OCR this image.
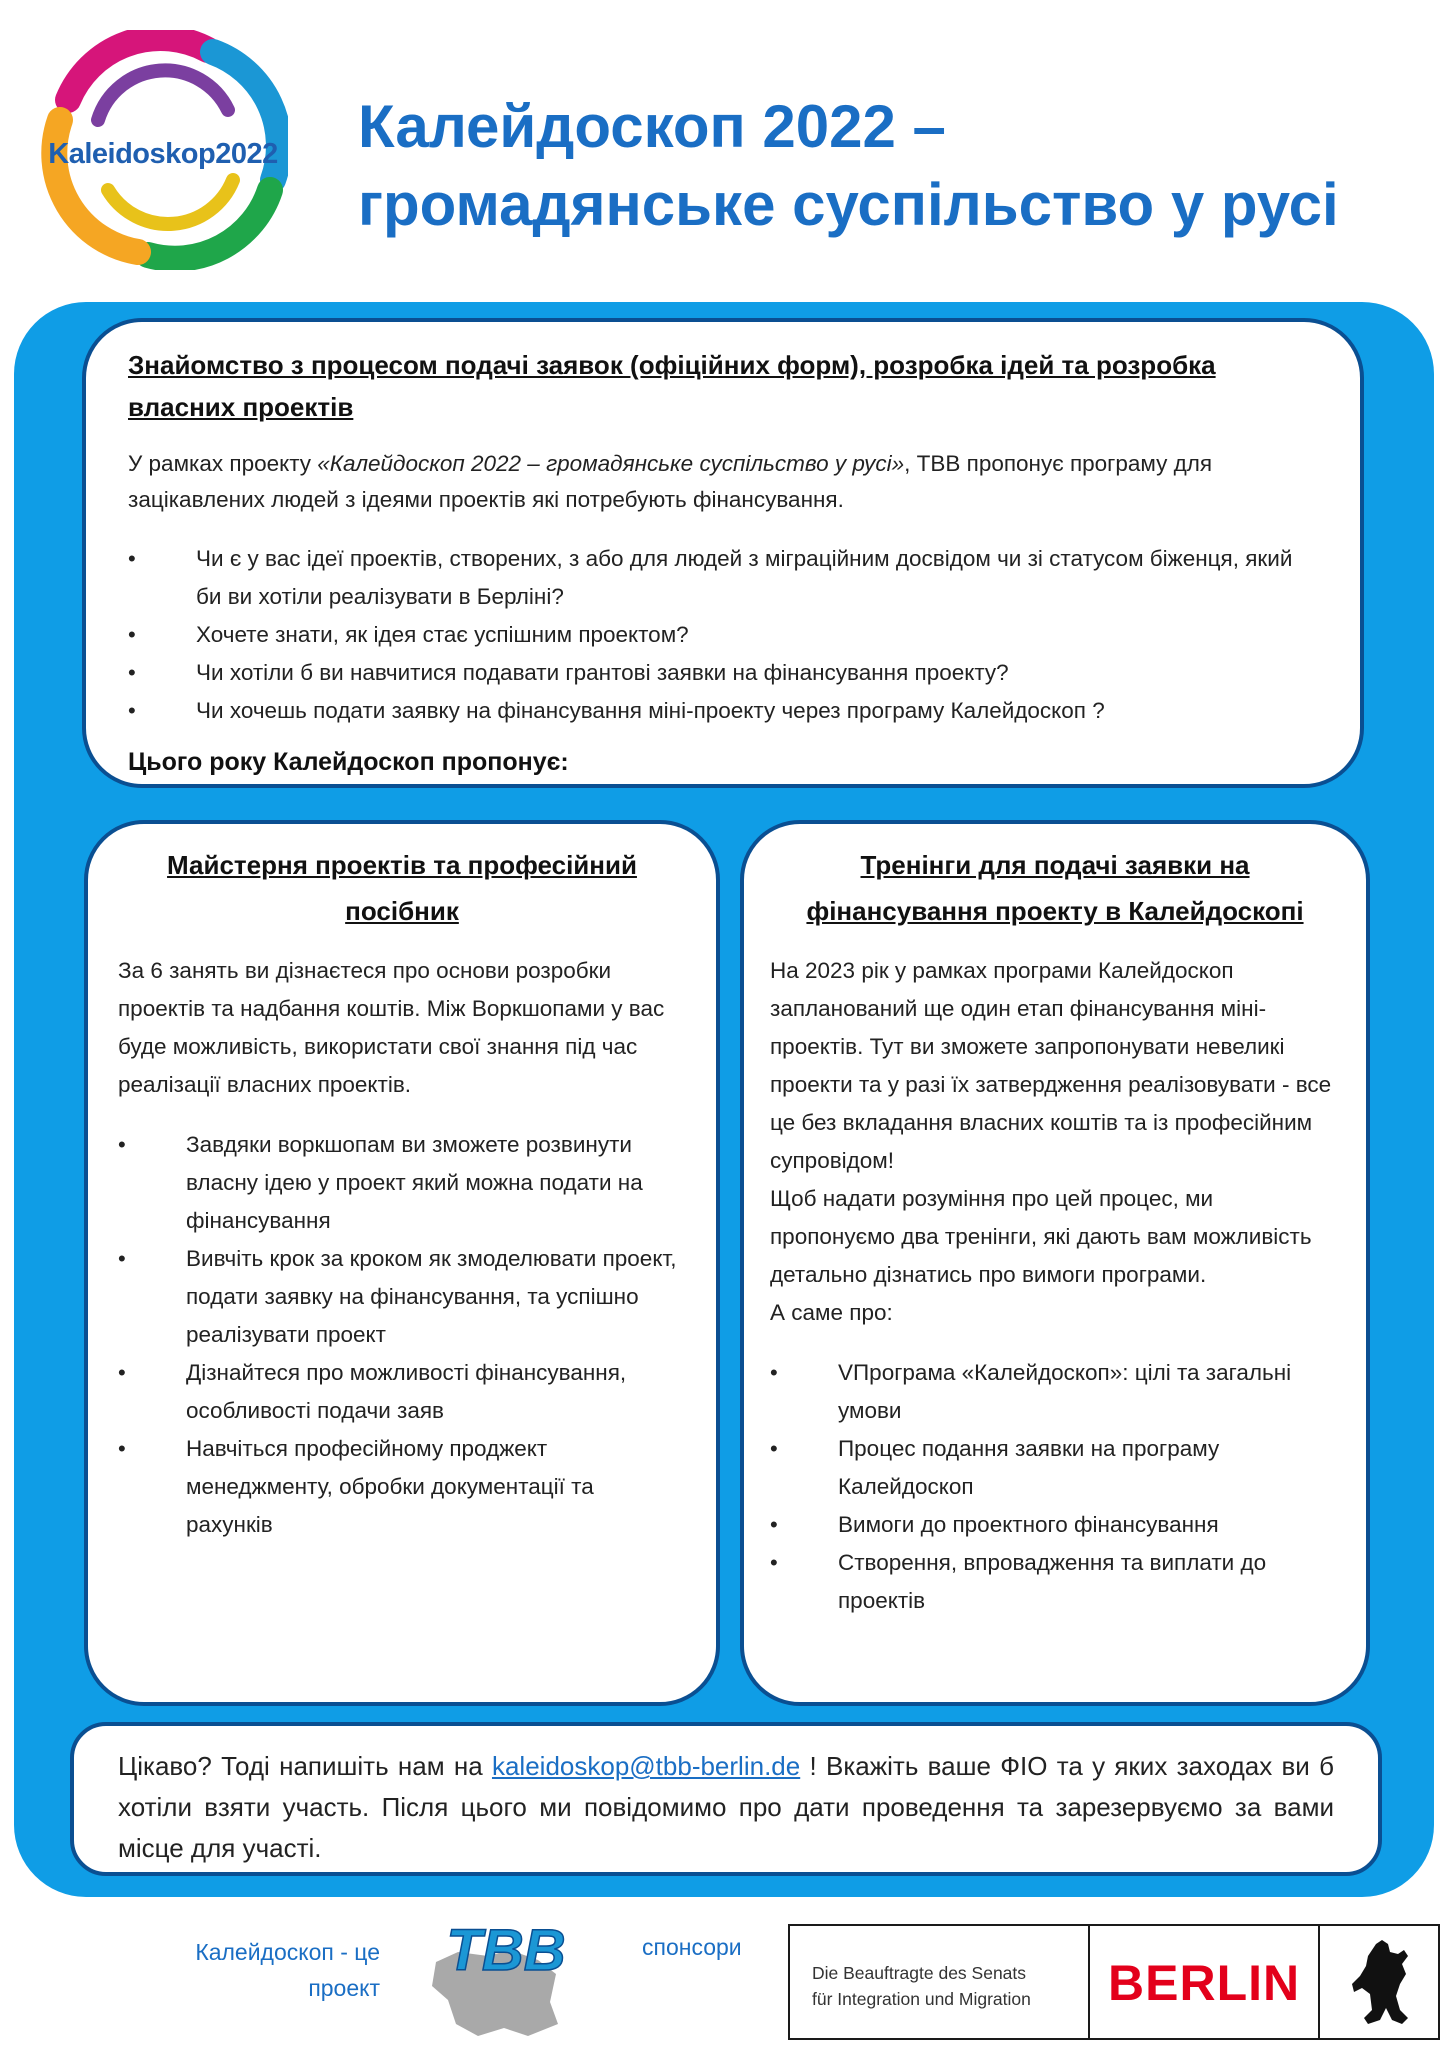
Kaleidoskop2022 Калейдоскоп 2022 –
громадянське суспільство у русі
Знайомство з процесом подачі заявок (офіційних форм), розробка ідей та розробка власних проектів

У рамках проекту «Калейдоскоп 2022 – громадянське суспільство у русі», ТВВ пропонує програму для зацікавлених людей з ідеями проектів які потребують фінансування.

• Чи є у вас ідеї проектів, створених, з або для людей з міграційним досвідом чи зі статусом біженця, який би ви хотіли реалізувати в Берліні?
• Хочете знати, як ідея стає успішним проектом?
• Чи хотіли б ви навчитися подавати грантові заявки на фінансування проекту?
• Чи хочешь подати заявку на фінансування міні-проекту через програму Калейдоскоп ?
Цього року Калейдоскоп пропонує:
Майстерня проектів та професійний посібник
За 6 занять ви дізнаєтеся про основи розробки проектів та надбання коштів. Між Воркшопами у вас буде можливість, використати свої знання під час реалізації власних проектів.
• Завдяки воркшопам ви зможете розвинути власну ідею у проект який можна подати на фінансування
• Вивчіть крок за кроком як змоделювати проект, подати заявку на фінансування, та успішно реалізувати проект
• Дізнайтеся про можливості фінансування, особливості подачи заяв
• Навчіться професійному проджект менеджменту, обробки документації та рахунків
Тренінги для подачі заявки на фінансування проекту в Калейдоскопі
На 2023 рік у рамках програми Калейдоскоп запланований ще один етап фінансування міні-проектів. Тут ви зможете запропонувати невеликі проекти та у разі їх затвердження реалізовувати - все це без вкладання власних коштів та із професійним супровідом!
Щоб надати розуміння про цей процес, ми пропонуємо два тренінги, які дають вам можливість детально дізнатись про вимоги програми.
А саме про:
• VПрограма «Калейдоскоп»: цілі та загальні умови
• Процес подання заявки на програму Калейдоскоп
• Вимоги до проектного фінансування
• Створення, впровадження та виплати до проектів

Цікаво? Тоді напишіть нам на kaleidoskop@tbb-berlin.de ! Вкажіть ваше ФІО та у яких заходах ви б хотіли взяти участь. Після цього ми повідомимо про дати проведення та зарезервуємо за вами місце для участі.

Калейдоскоп - це
проект
TBB	спонсори
Die Beauftragte des Senats
für Integration und Migration BERLIN
